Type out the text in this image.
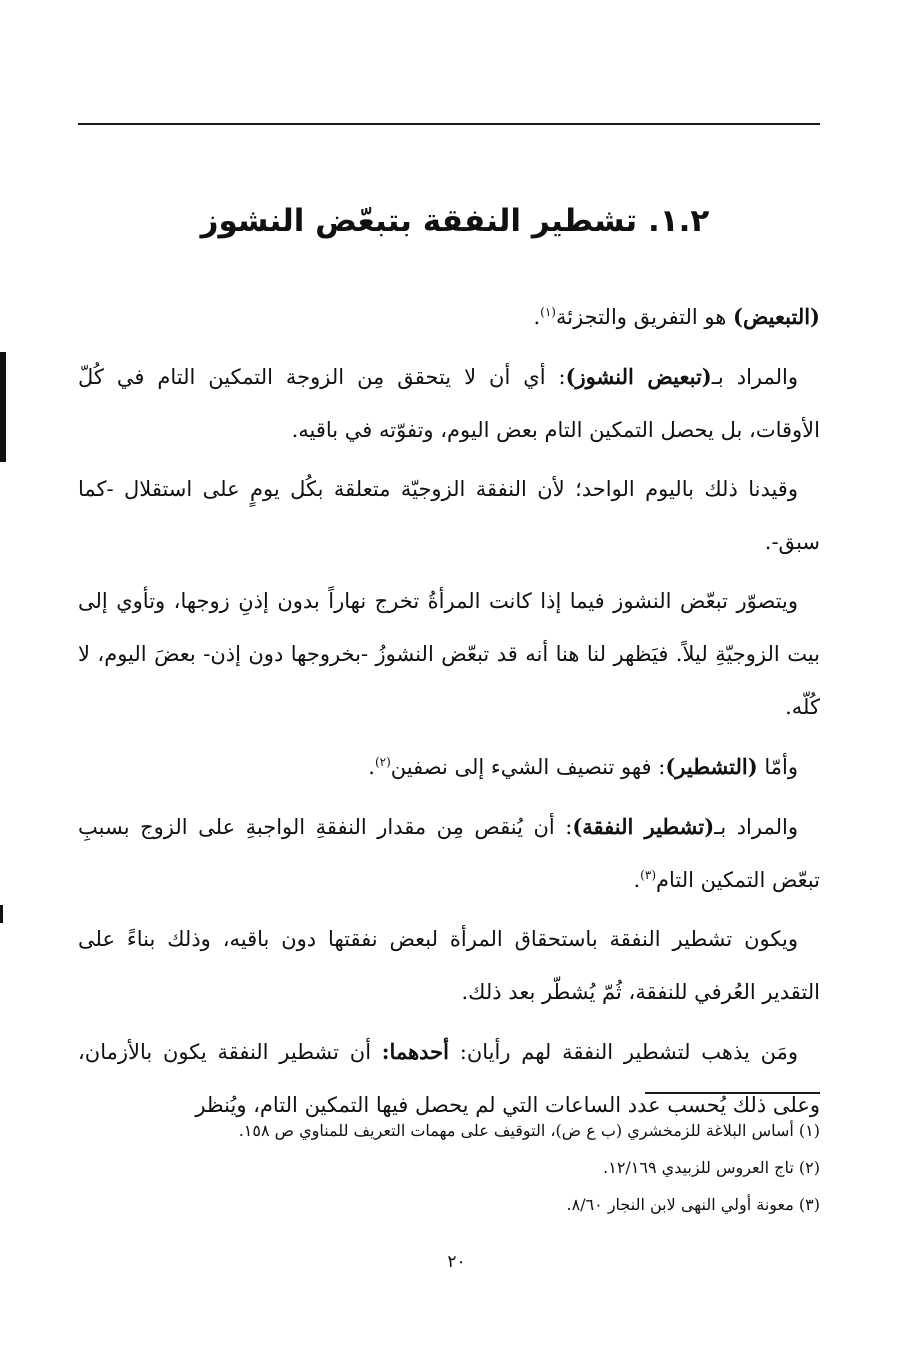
١.٢. تشطير النفقة بتبعّض النشوز

(التبعيض) هو التفريق والتجزئة$^{(١)}$.

والمراد بـ(تبعيض النشوز): أي أن لا يتحقق مِن الزوجة التمكين التام في كُلّ الأوقات، بل يحصل التمكين التام بعض اليوم، وتفوّته في باقيه.

وقيدنا ذلك باليوم الواحد؛ لأن النفقة الزوجيّة متعلقة بكُل يومٍ على استقلال -كما سبق-.

ويتصوّر تبعّض النشوز فيما إذا كانت المرأةُ تخرج نهاراً بدون إذنِ زوجها، وتأوي إلى بيت الزوجيّةِ ليلاً. فيَظهر لنا هنا أنه قد تبعّض النشوزُ -بخروجها دون إذن- بعضَ اليوم، لا كُلّه.

وأمّا (التشطير): فهو تنصيف الشيء إلى نصفين$^{(٢)}$.

والمراد بـ(تشطير النفقة): أن يُنقص مِن مقدار النفقةِ الواجبةِ على الزوج بسببِ تبعّض التمكين التام$^{(٣)}$.

ويكون تشطير النفقة باستحقاق المرأة لبعض نفقتها دون باقيه، وذلك بناءً على التقدير العُرفي للنفقة، ثُمّ يُشطّر بعد ذلك.

ومَن يذهب لتشطير النفقة لهم رأيان: أحدهما: أن تشطير النفقة يكون بالأزمان، وعلى ذلك يُحسب عدد الساعات التي لم يحصل فيها التمكين التام، ويُنظر

(١) أساس البلاغة للزمخشري (ب ع ض)، التوقيف على مهمات التعريف للمناوي ص ١٥٨.

(٢) تاج العروس للزبيدي ١٢/١٦٩.

(٣) معونة أولي النهى لابن النجار ٨/٦٠.

٢٠
